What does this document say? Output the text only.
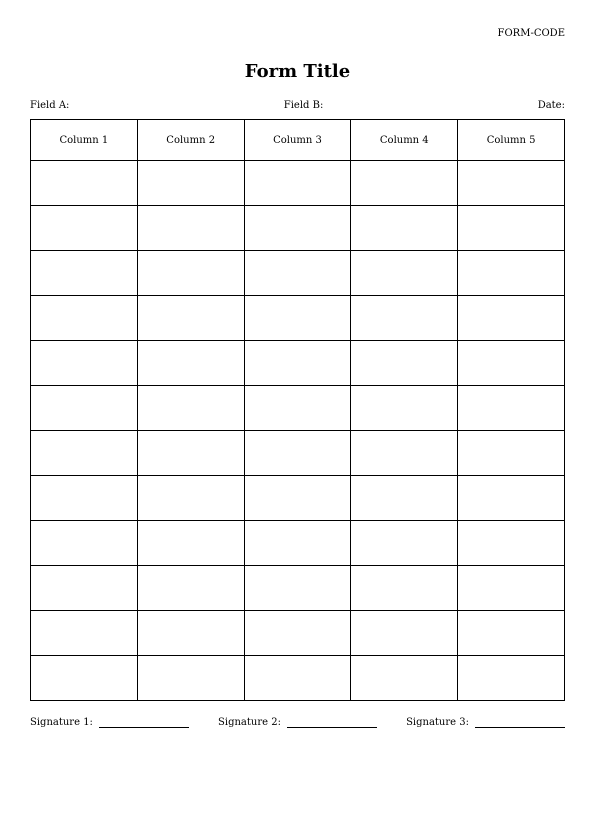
FORM-CODE
Form Title
Field A:	Field B:	Date:
Column 1	Column 2	Column 3	Column 4	Column 5

Signature 1:	Signature 2:	Signature 3:
